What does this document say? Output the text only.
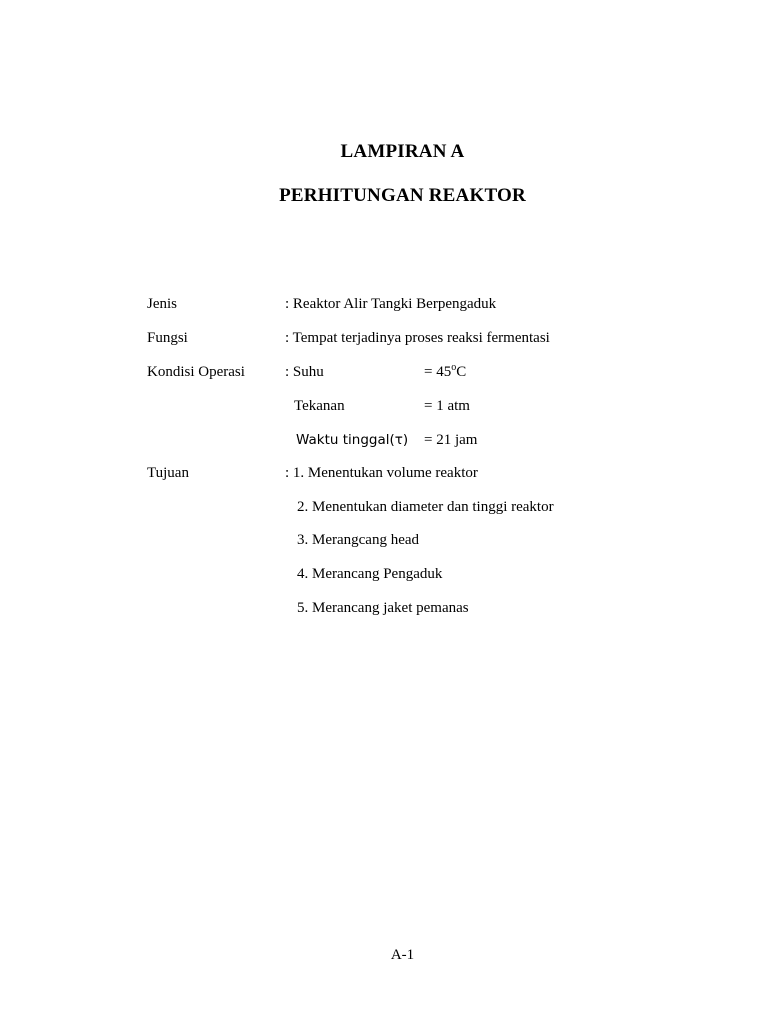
LAMPIRAN A
PERHITUNGAN REAKTOR
Jenis	: Reaktor Alir Tangki Berpengaduk
Fungsi	: Tempat terjadinya proses reaksi fermentasi
Kondisi Operasi	: Suhu	= $45^oC$
Tekanan	= 1 atm
Waktu tinggal(τ) = 21 jam
Tujuan	: 1. Menentukan volume reaktor
2. Menentukan diameter dan tinggi reaktor
3. Merangcang head
4. Merancang Pengaduk
5. Merancang jaket pemanas
A-1
